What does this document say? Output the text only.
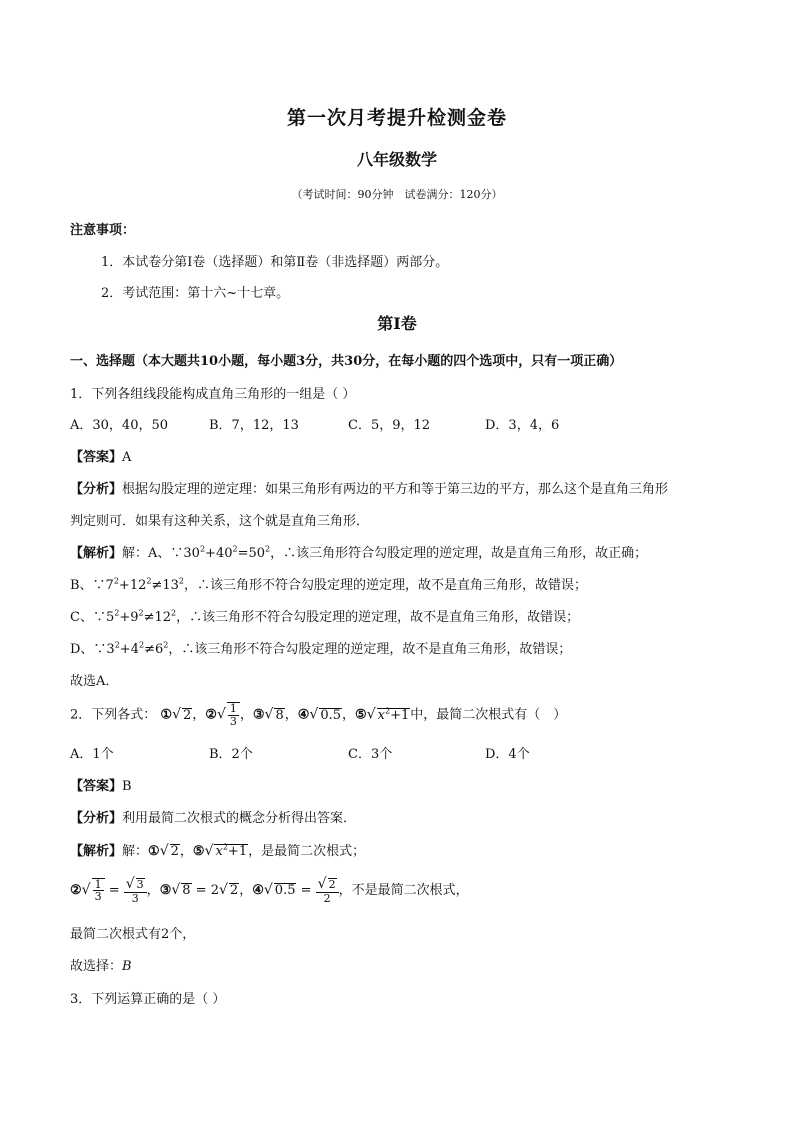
第一次月考提升检测金卷
八年级数学
（考试时间：90分钟　试卷满分：120分）
注意事项：
1．本试卷分第Ⅰ卷（选择题）和第Ⅱ卷（非选择题）两部分。
2．考试范围：第十六~十七章。
第Ⅰ卷
一、选择题（本大题共10小题，每小题3分，共30分，在每小题的四个选项中，只有一项正确）
1．下列各组线段能构成直角三角形的一组是（ ）
A．30，40，50	B．7，12，13	C．5，9，12	D．3，4，6
【答案】A
【分析】根据勾股定理的逆定理：如果三角形有两边的平方和等于第三边的平方，那么这个是直角三角形
判定则可．如果有这种关系，这个就是直角三角形．
【解析】解：A、$\because 30^2+40^2=50^2$，∴该三角形符合勾股定理的逆定理，故是直角三角形，故正确；
B、$\because 7^2+12^2\ne 13^2$，∴该三角形不符合勾股定理的逆定理，故不是直角三角形，故错误；
C、$\because 5^2+9^2\ne 12^2$，∴该三角形不符合勾股定理的逆定理，故不是直角三角形，故错误；
D、$\because 3^2+4^2\ne 6^2$，∴该三角形不符合勾股定理的逆定理，故不是直角三角形，故错误；
故选A．
2．下列各式： ①√ 2，②√ $\frac{1}{3}$ ，③√ 8，④√ 0.5，⑤√ $x^2+1$中，最简二次根式有（　）
A．1个	B．2个	C．3个	D．4个
【答案】B
【分析】利用最简二次根式的概念分析得出答案．
【解析】解：①√ 2，⑤√ $x^2+1$，是最简二次根式；
②√ $\frac{1}{3} = \frac{√ 3}{3}$ ，③√ 8 = 2√ 2，④√ $0.5 = \frac{√ 2}{2}$ ，不是最简二次根式，
最简二次根式有2个，
故选择：B
3．下列运算正确的是（ ）
